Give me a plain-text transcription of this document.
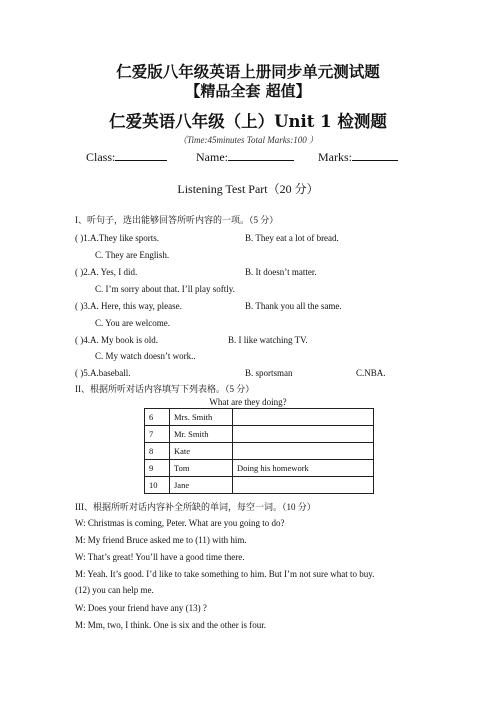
仁爱版八年级英语上册同步单元测试题
【精品全套 超值】
仁爱英语八年级（上）Unit 1 检测题
（Time:45minutes Total Marks:100 ）
Class:	Name:	Marks:
Listening Test Part（20 分）
I、听句子，选出能够回答所听内容的一项。（5 分）
( )1.A.They like sports.	B. They eat a lot of bread.
C. They are English.
( )2.A. Yes, I did.	B. It doesn’t matter.
C. I’m sorry about that. I’ll play softly.
( )3.A. Here, this way, please.	B. Thank you all the same.
C. You are welcome.
( )4.A. My book is old.	B. I like watching TV.
C. My watch doesn’t work..
( )5.A.baseball.	B. sportsman	C.NBA.
II、根据所听对话内容填写下列表格。（5 分）
What are they doing?
6	Mrs. Smith	
7	Mr. Smith	
8	Kate	
9	Tom	Doing his homework
10	Jane	
III、根据所听对话内容补全所缺的单词，每空一词。（10 分）
W: Christmas is coming, Peter. What are you going to do?
M: My friend Bruce asked me to (11) with him.
W: That’s great! You’ll have a good time there.
M: Yeah. It’s good. I’d like to take something to him. But I’m not sure what to buy.
(12) you can help me.
W: Does your friend have any (13) ?
M: Mm, two, I think. One is six and the other is four.
